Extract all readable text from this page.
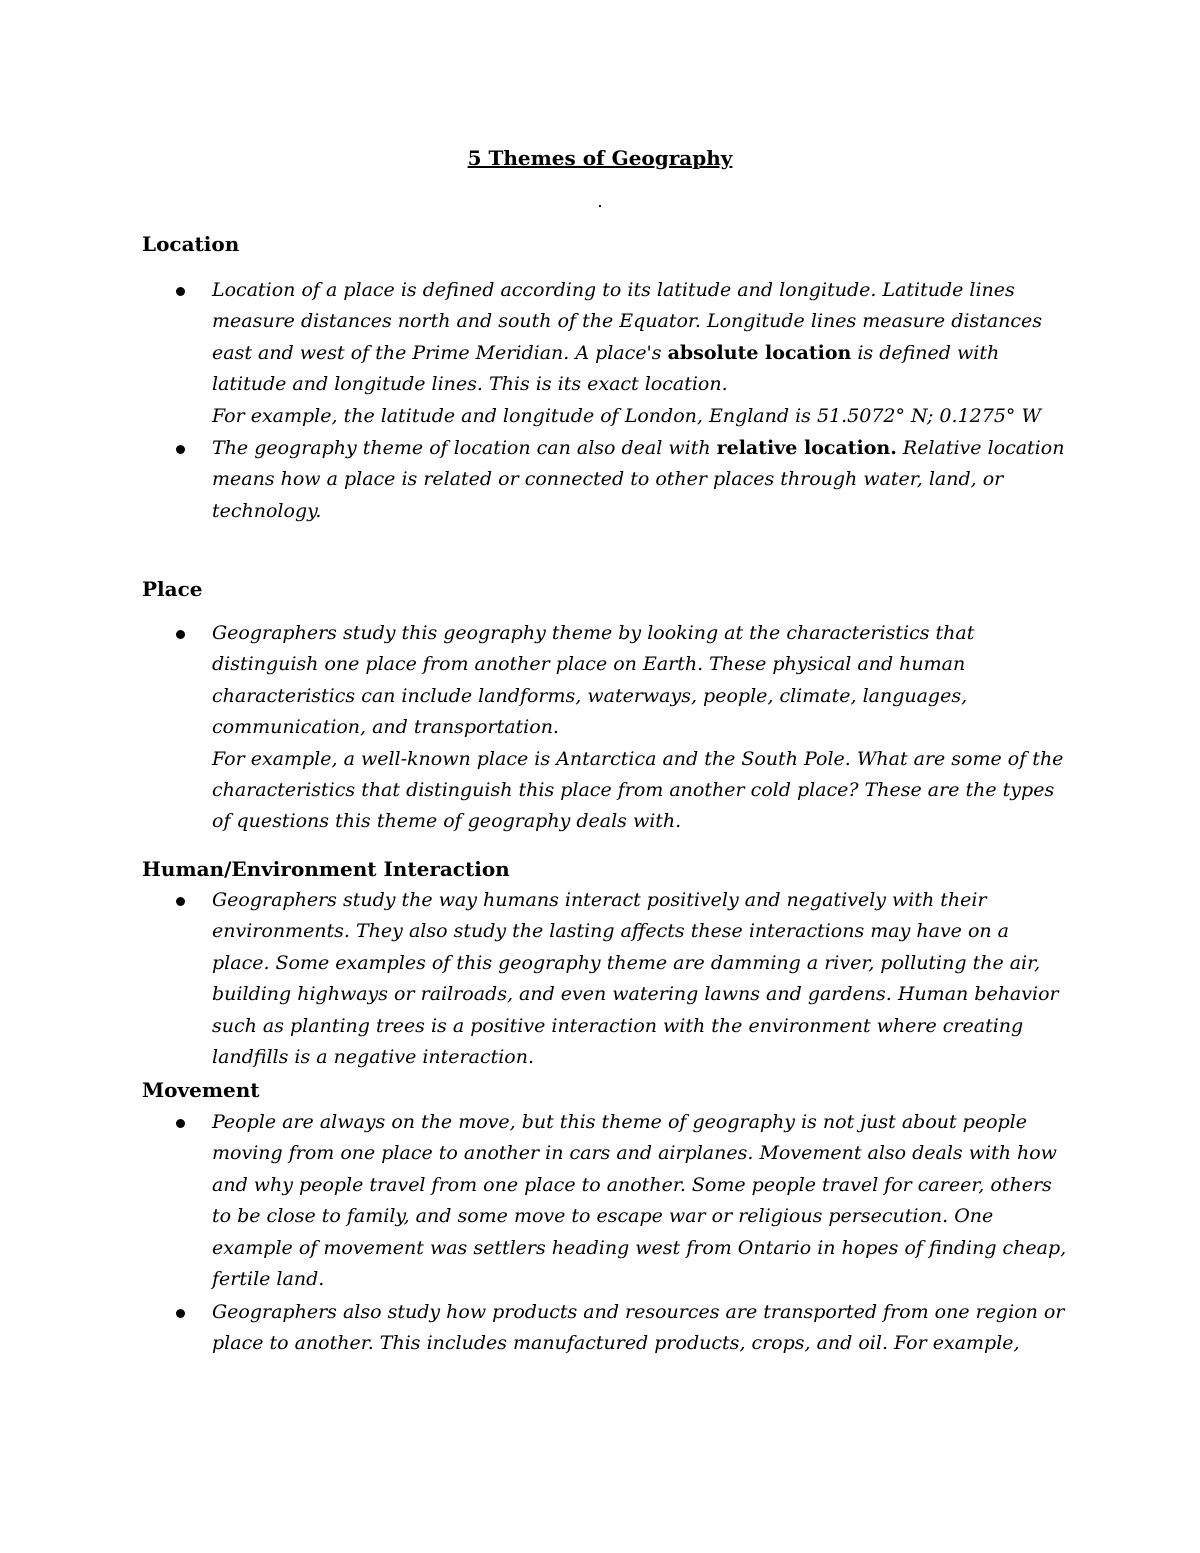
5 Themes of Geography
.
Location
Location of a place is defined according to its latitude and longitude. Latitude lines measure distances north and south of the Equator. Longitude lines measure distances east and west of the Prime Meridian. A place's absolute location is defined with latitude and longitude lines. This is its exact location.
For example, the latitude and longitude of London, England is 51.5072° N; 0.1275° W
The geography theme of location can also deal with relative location. Relative location means how a place is related or connected to other places through water, land, or technology.
Place
Geographers study this geography theme by looking at the characteristics that distinguish one place from another place on Earth. These physical and human characteristics can include landforms, waterways, people, climate, languages, communication, and transportation.
For example, a well-known place is Antarctica and the South Pole. What are some of the characteristics that distinguish this place from another cold place? These are the types of questions this theme of geography deals with.
Human/Environment Interaction
Geographers study the way humans interact positively and negatively with their environments. They also study the lasting affects these interactions may have on a place. Some examples of this geography theme are damming a river, polluting the air, building highways or railroads, and even watering lawns and gardens. Human behavior such as planting trees is a positive interaction with the environment where creating landfills is a negative interaction.
Movement
People are always on the move, but this theme of geography is not just about people moving from one place to another in cars and airplanes. Movement also deals with how and why people travel from one place to another. Some people travel for career, others to be close to family, and some move to escape war or religious persecution. One example of movement was settlers heading west from Ontario in hopes of finding cheap, fertile land.
Geographers also study how products and resources are transported from one region or place to another. This includes manufactured products, crops, and oil. For example,
